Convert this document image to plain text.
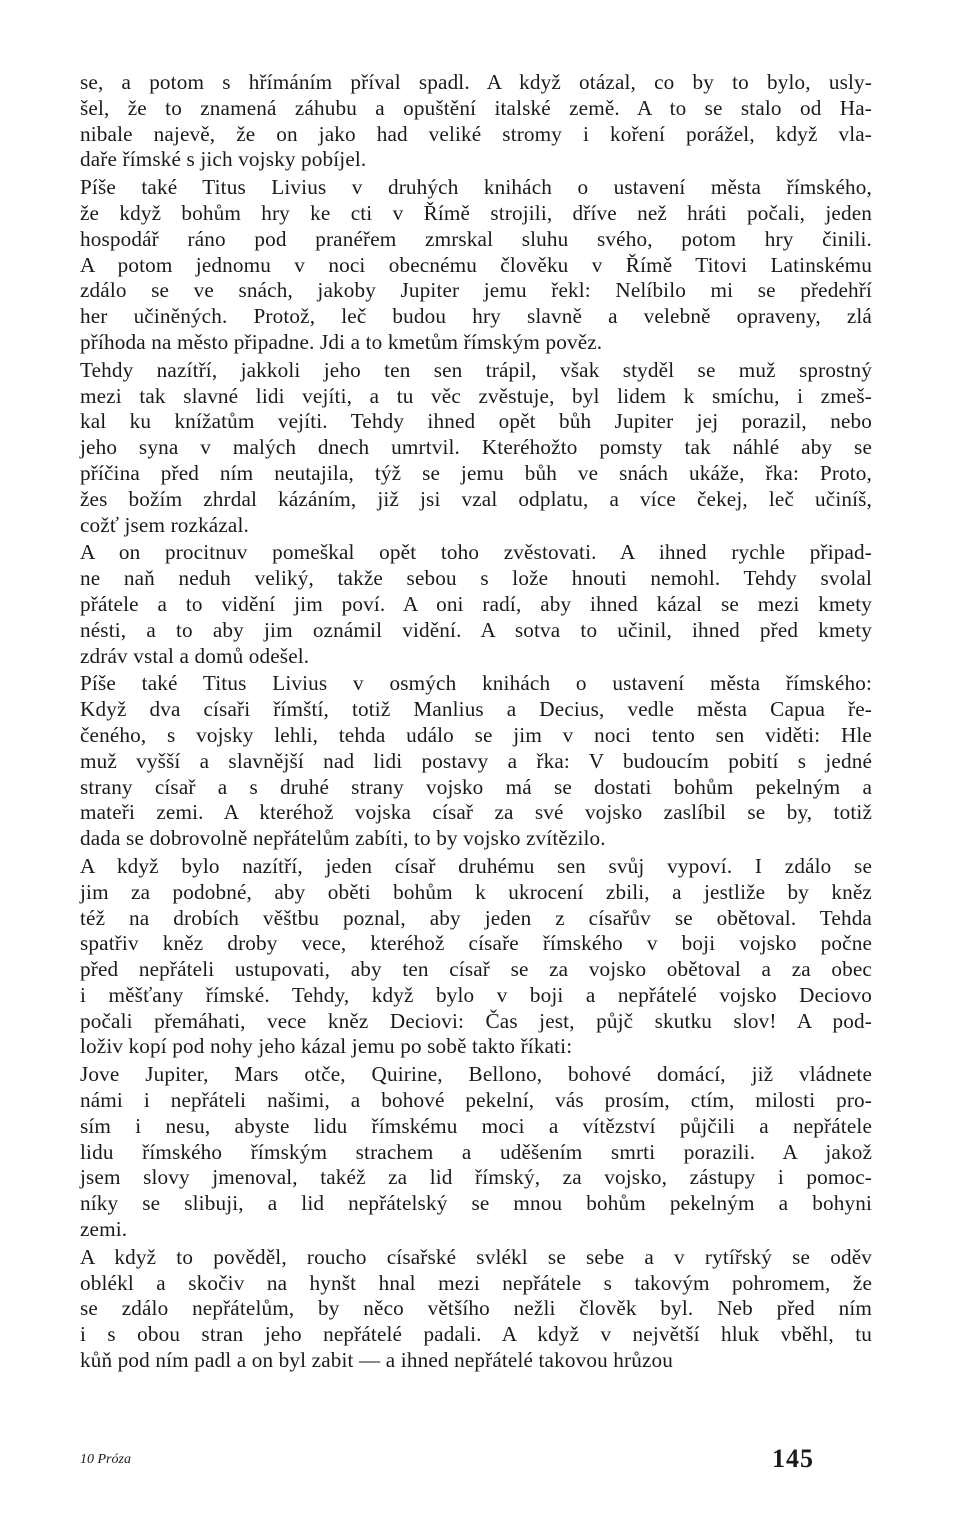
se, a potom s hřímáním příval spadl. A když otázal, co by to bylo, usly-
šel, že to znamená záhubu a opuštění italské země. A to se stalo od Ha-
nibale najevě, že on jako had veliké stromy i koření porážel, když vla-
daře římské s jich vojsky pobíjel.
Píše také Titus Livius v druhých knihách o ustavení města římského,
že když bohům hry ke cti v Římě strojili, dříve než hráti počali, jeden
hospodář ráno pod pranéřem zmrskal sluhu svého, potom hry činili.
A potom jednomu v noci obecnému člověku v Římě Titovi Latinskému
zdálo se ve snách, jakoby Jupiter jemu řekl: Nelíbilo mi se předehří
her učiněných. Protož, leč budou hry slavně a velebně opraveny, zlá
příhoda na město připadne. Jdi a to kmetům římským pověz.
Tehdy nazítří, jakkoli jeho ten sen trápil, však styděl se muž sprostný
mezi tak slavné lidi vejíti, a tu věc zvěstuje, byl lidem k smíchu, i zmeš-
kal ku knížatům vejíti. Tehdy ihned opět bůh Jupiter jej porazil, nebo
jeho syna v malých dnech umrtvil. Kteréhožto pomsty tak náhlé aby se
příčina před ním neutajila, týž se jemu bůh ve snách ukáže, řka: Proto,
žes božím zhrdal kázáním, již jsi vzal odplatu, a více čekej, leč učiníš,
cožť jsem rozkázal.
A on procitnuv pomeškal opět toho zvěstovati. A ihned rychle připad-
ne naň neduh veliký, takže sebou s lože hnouti nemohl. Tehdy svolal
přátele a to vidění jim poví. A oni radí, aby ihned kázal se mezi kmety
nésti, a to aby jim oznámil vidění. A sotva to učinil, ihned před kmety
zdráv vstal a domů odešel.
Píše také Titus Livius v osmých knihách o ustavení města římského:
Když dva císaři římští, totiž Manlius a Decius, vedle města Capua ře-
čeného, s vojsky lehli, tehda událo se jim v noci tento sen viděti: Hle
muž vyšší a slavnější nad lidi postavy a řka: V budoucím pobití s jedné
strany císař a s druhé strany vojsko má se dostati bohům pekelným a
mateři zemi. A kteréhož vojska císař za své vojsko zaslíbil se by, totiž
dada se dobrovolně nepřátelům zabíti, to by vojsko zvítězilo.
A když bylo nazítří, jeden císař druhému sen svůj vypoví. I zdálo se
jim za podobné, aby oběti bohům k ukrocení zbili, a jestliže by kněz
též na drobích věštbu poznal, aby jeden z císařův se obětoval. Tehda
spatřiv kněz droby vece, kteréhož císaře římského v boji vojsko počne
před nepřáteli ustupovati, aby ten císař se za vojsko obětoval a za obec
i měšťany římské. Tehdy, když bylo v boji a nepřátelé vojsko Deciovo
počali přemáhati, vece kněz Deciovi: Čas jest, půjč skutku slov! A pod-
loživ kopí pod nohy jeho kázal jemu po sobě takto říkati:
Jove Jupiter, Mars otče, Quirine, Bellono, bohové domácí, již vládnete
námi i nepřáteli našimi, a bohové pekelní, vás prosím, ctím, milosti pro-
sím i nesu, abyste lidu římskému moci a vítězství půjčili a nepřátele
lidu římského římským strachem a uděšením smrti porazili. A jakož
jsem slovy jmenoval, takéž za lid římský, za vojsko, zástupy i pomoc-
níky se slibuji, a lid nepřátelský se mnou bohům pekelným a bohyni
zemi.
A když to pověděl, roucho císařské svlékl se sebe a v rytířský se oděv
oblékl a skočiv na hynšt hnal mezi nepřátele s takovým pohromem, že
se zdálo nepřátelům, by něco většího nežli člověk byl. Neb před ním
i s obou stran jeho nepřátelé padali. A když v největší hluk vběhl, tu
kůň pod ním padl a on byl zabit — a ihned nepřátelé takovou hrůzou
10 Próza	145
